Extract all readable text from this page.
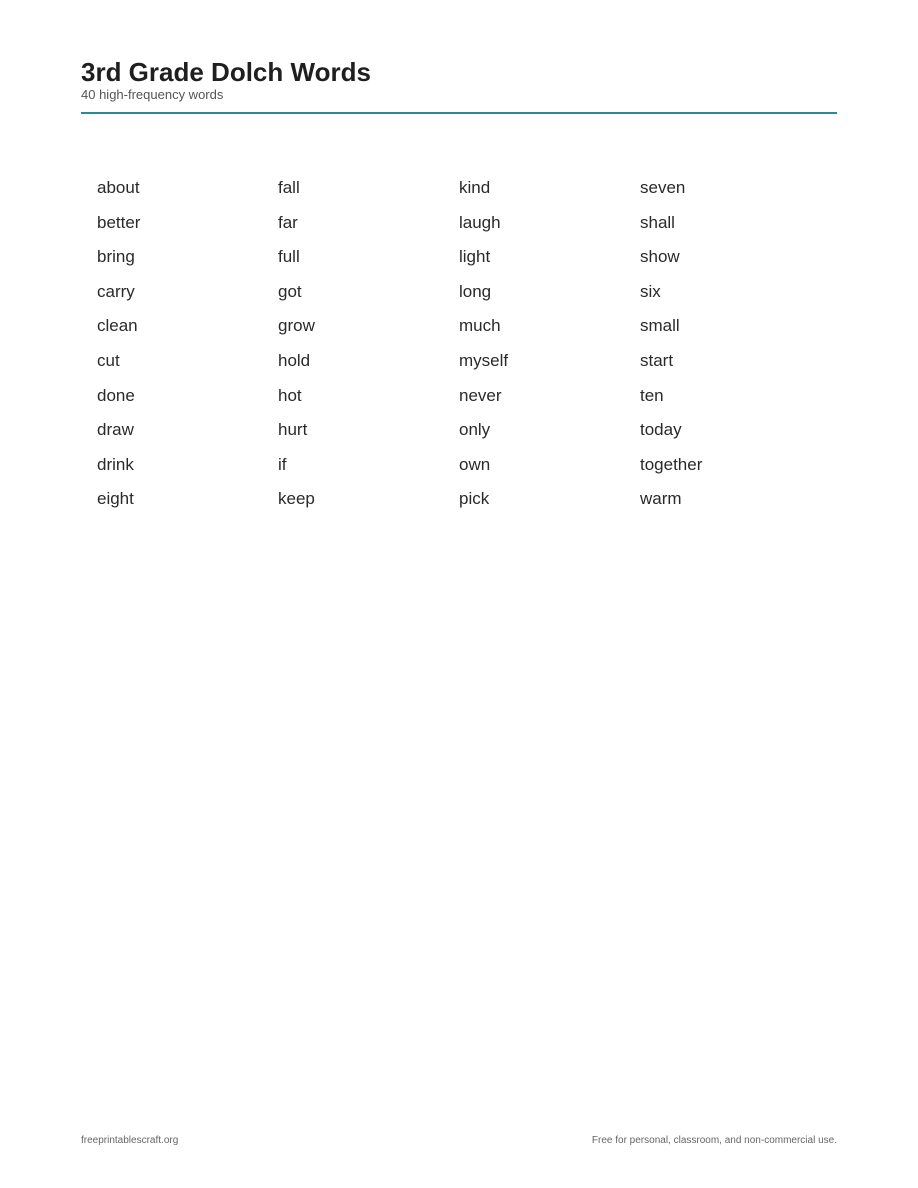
3rd Grade Dolch Words

40 high-frequency words

about
better
bring
carry
clean
cut
done
draw
drink
eight
fall
far
full
got
grow
hold
hot
hurt
if
keep
kind
laugh
light
long
much
myself
never
only
own
pick
seven
shall
show
six
small
start
ten
today
together
warm
freeprintablescraft.org	Free for personal, classroom, and non-commercial use.
